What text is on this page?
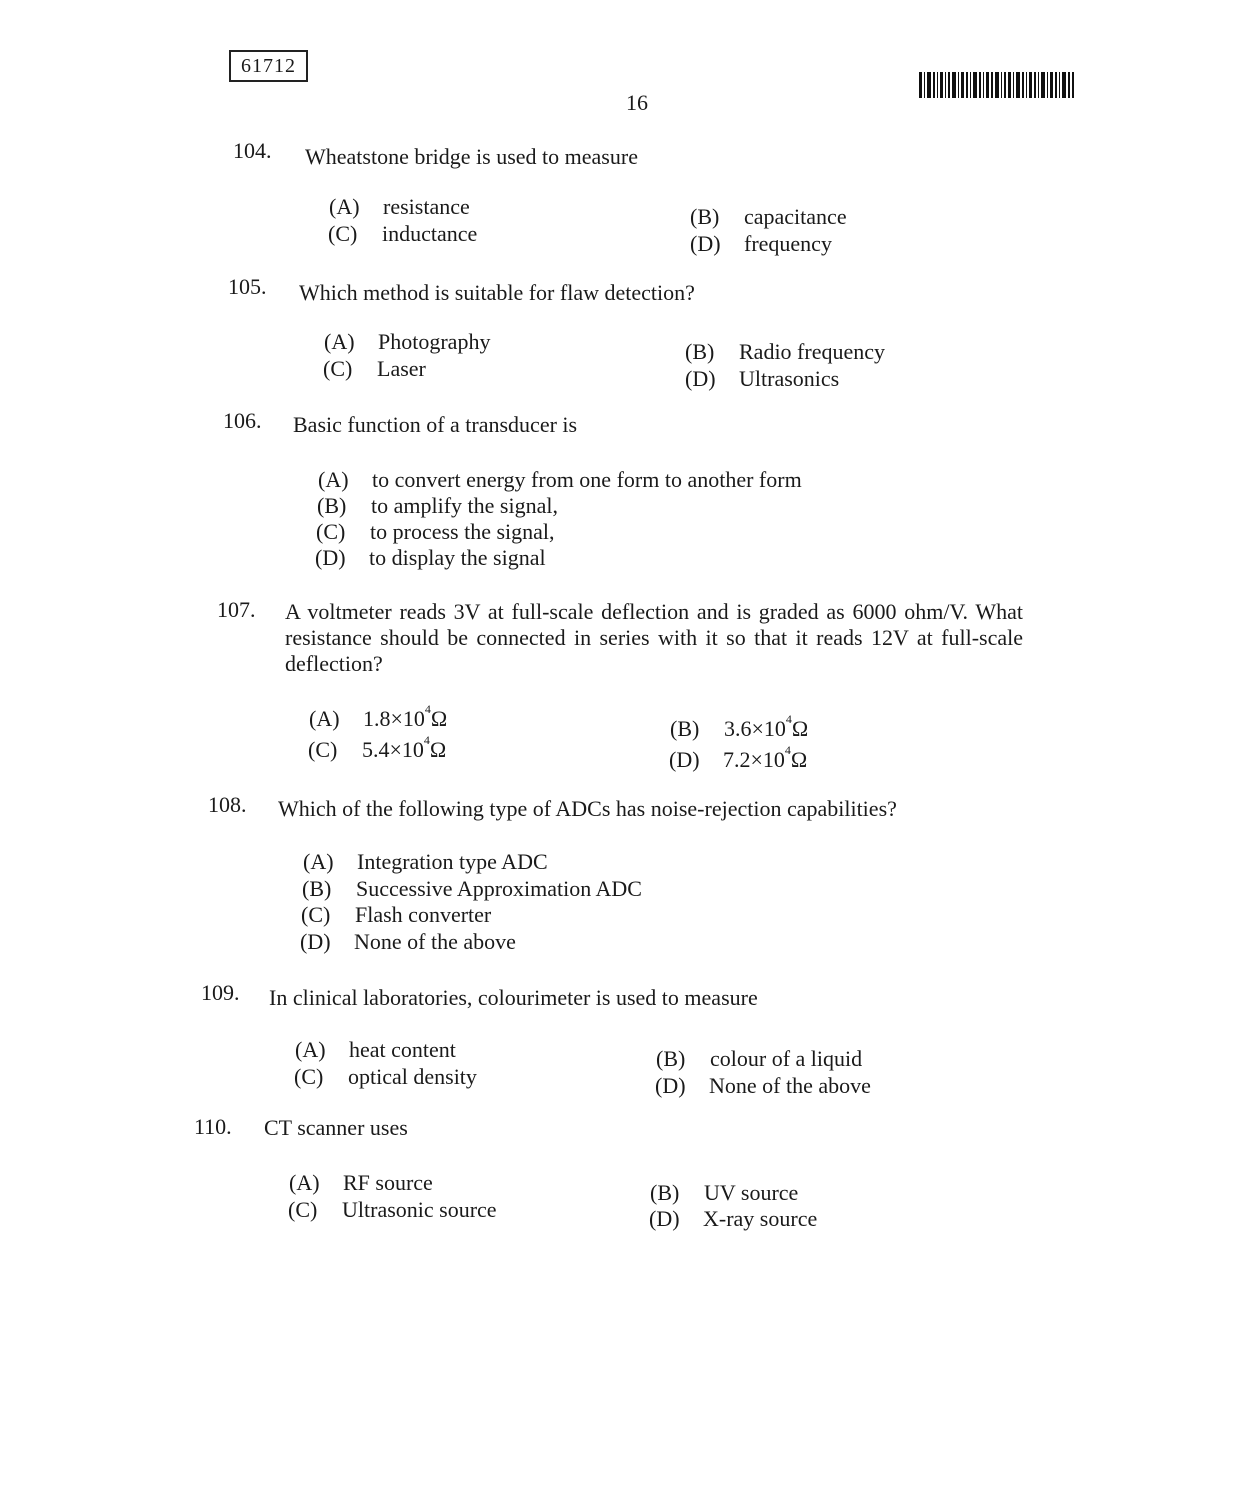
61712
16
104. Wheatstone bridge is used to measure
(A) resistance	(B) capacitance
(C) inductance	(D) frequency
105. Which method is suitable for flaw detection?
(A) Photography	(B) Radio frequency
(C) Laser	(D) Ultrasonics
106. Basic function of a transducer is
(A) to convert energy from one form to another form
(B) to amplify the signal,
(C) to process the signal,
(D) to display the signal
107. A voltmeter reads 3V at full-scale deflection and is graded as 6000 ohm/V. What resistance should be connected in series with it so that it reads 12V at full-scale deflection?
(A) $1.8\times 10^4\Omega$	(B) $3.6\times 10^4\Omega$
(C) $5.4\times 10^4\Omega$	(D) $7.2\times 10^4\Omega$
108. Which of the following type of ADCs has noise-rejection capabilities?
(A) Integration type ADC
(B) Successive Approximation ADC
(C) Flash converter
(D) None of the above
109. In clinical laboratories, colourimeter is used to measure
(A) heat content	(B) colour of a liquid
(C) optical density	(D) None of the above
110. CT scanner uses
(A) RF source	(B) UV source
(C) Ultrasonic source	(D) X-ray source
